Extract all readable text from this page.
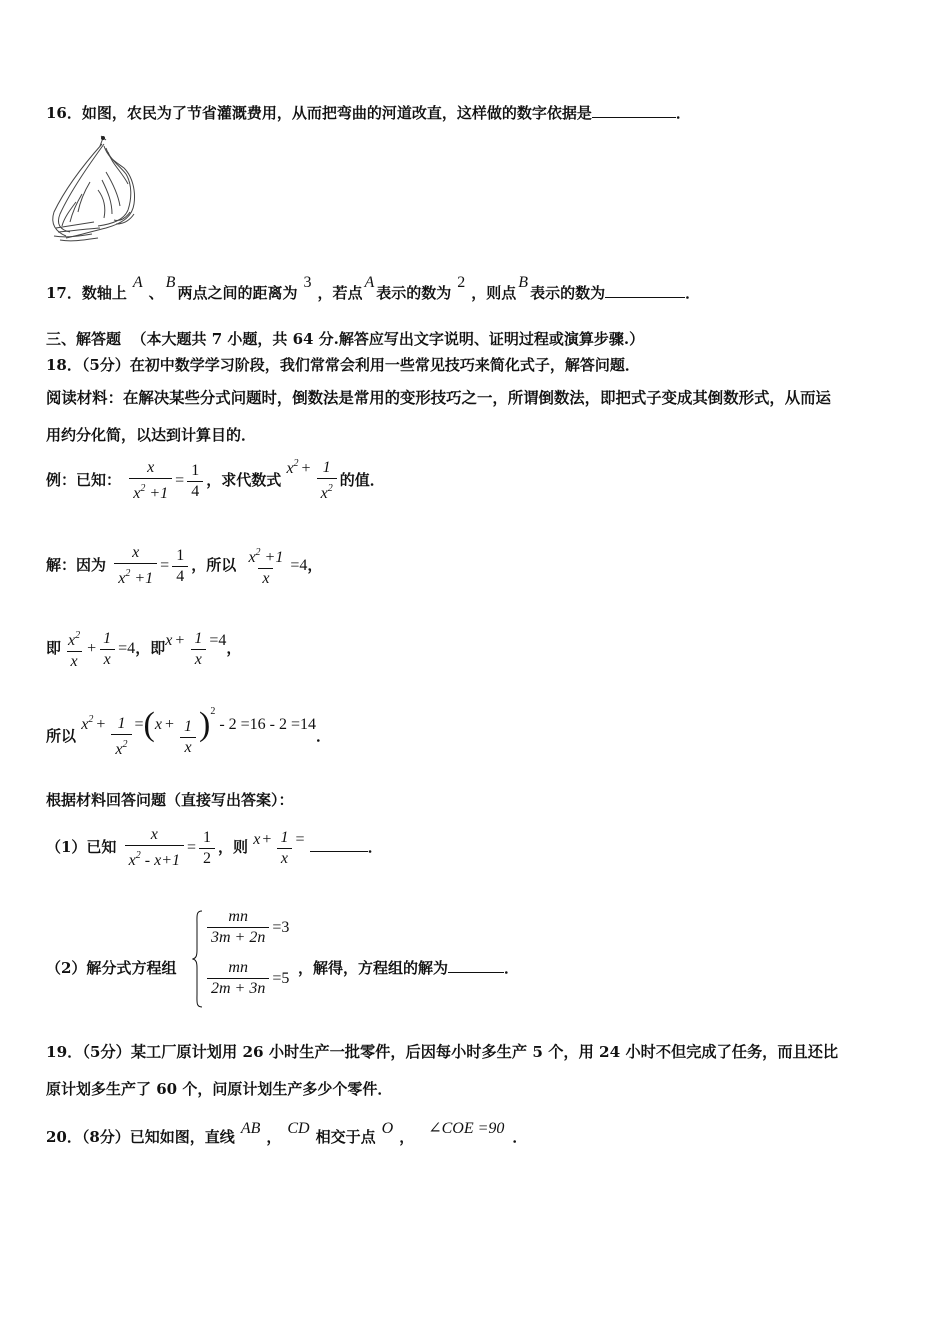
16．如图，农民为了节省灌溉费用，从而把弯曲的河道改直，这样做的数字依据是	．
17．数轴上A、B两点之间的距离为3，若点A表示的数为2，则点B表示的数为	．
三、解答题 （本大题共 7 小题，共 64 分.解答应写出文字说明、证明过程或演算步骤.）
18．（5分）在初中数学学习阶段，我们常常会利用一些常见技巧来简化式子，解答问题．
阅读材料：在解决某些分式问题时，倒数法是常用的变形技巧之一，所谓倒数法，即把式子变成其倒数形式，从而运
用约分化简，以达到计算目的．
例：已知： $\frac{x}{x^2 +1} = \frac{1}{4}$ ，求代数式 $x^2 + \frac{1}{x^2}$ 的值．
解：因为 $\frac{x}{x^2 +1} = \frac{1}{4}$ ，所以 $\frac{x^2 +1}{x} =4$，
即 $\frac{x^2}{x} + \frac{1}{x} =4$，即$x + \frac{1}{x} =4$，
所以 $x^2 + \frac{1}{x^2} =(x + \frac{1}{x} )^2 - 2 =16 - 2 =14$．
根据材料回答问题（直接写出答案）：
（1）已知 $\frac{x}{x^2 - x+1} = \frac{1}{2}$ ，则 $x + \frac{1}{x}$ =	．
（2）解分式方程组
$\frac{mn}{3m + 2n} =3$
$\frac{mn}{2m + 3n} =5$
，解得，方程组的解为	．
19．（5分）某工厂原计划用 26 小时生产一批零件，后因每小时多生产 5 个，用 24 小时不但完成了任务，而且还比
原计划多生产了 60 个，问原计划生产多少个零件．
20．（8分）已知如图，直线 AB ， CD 相交于点 O ， ∠COE =90 ．
